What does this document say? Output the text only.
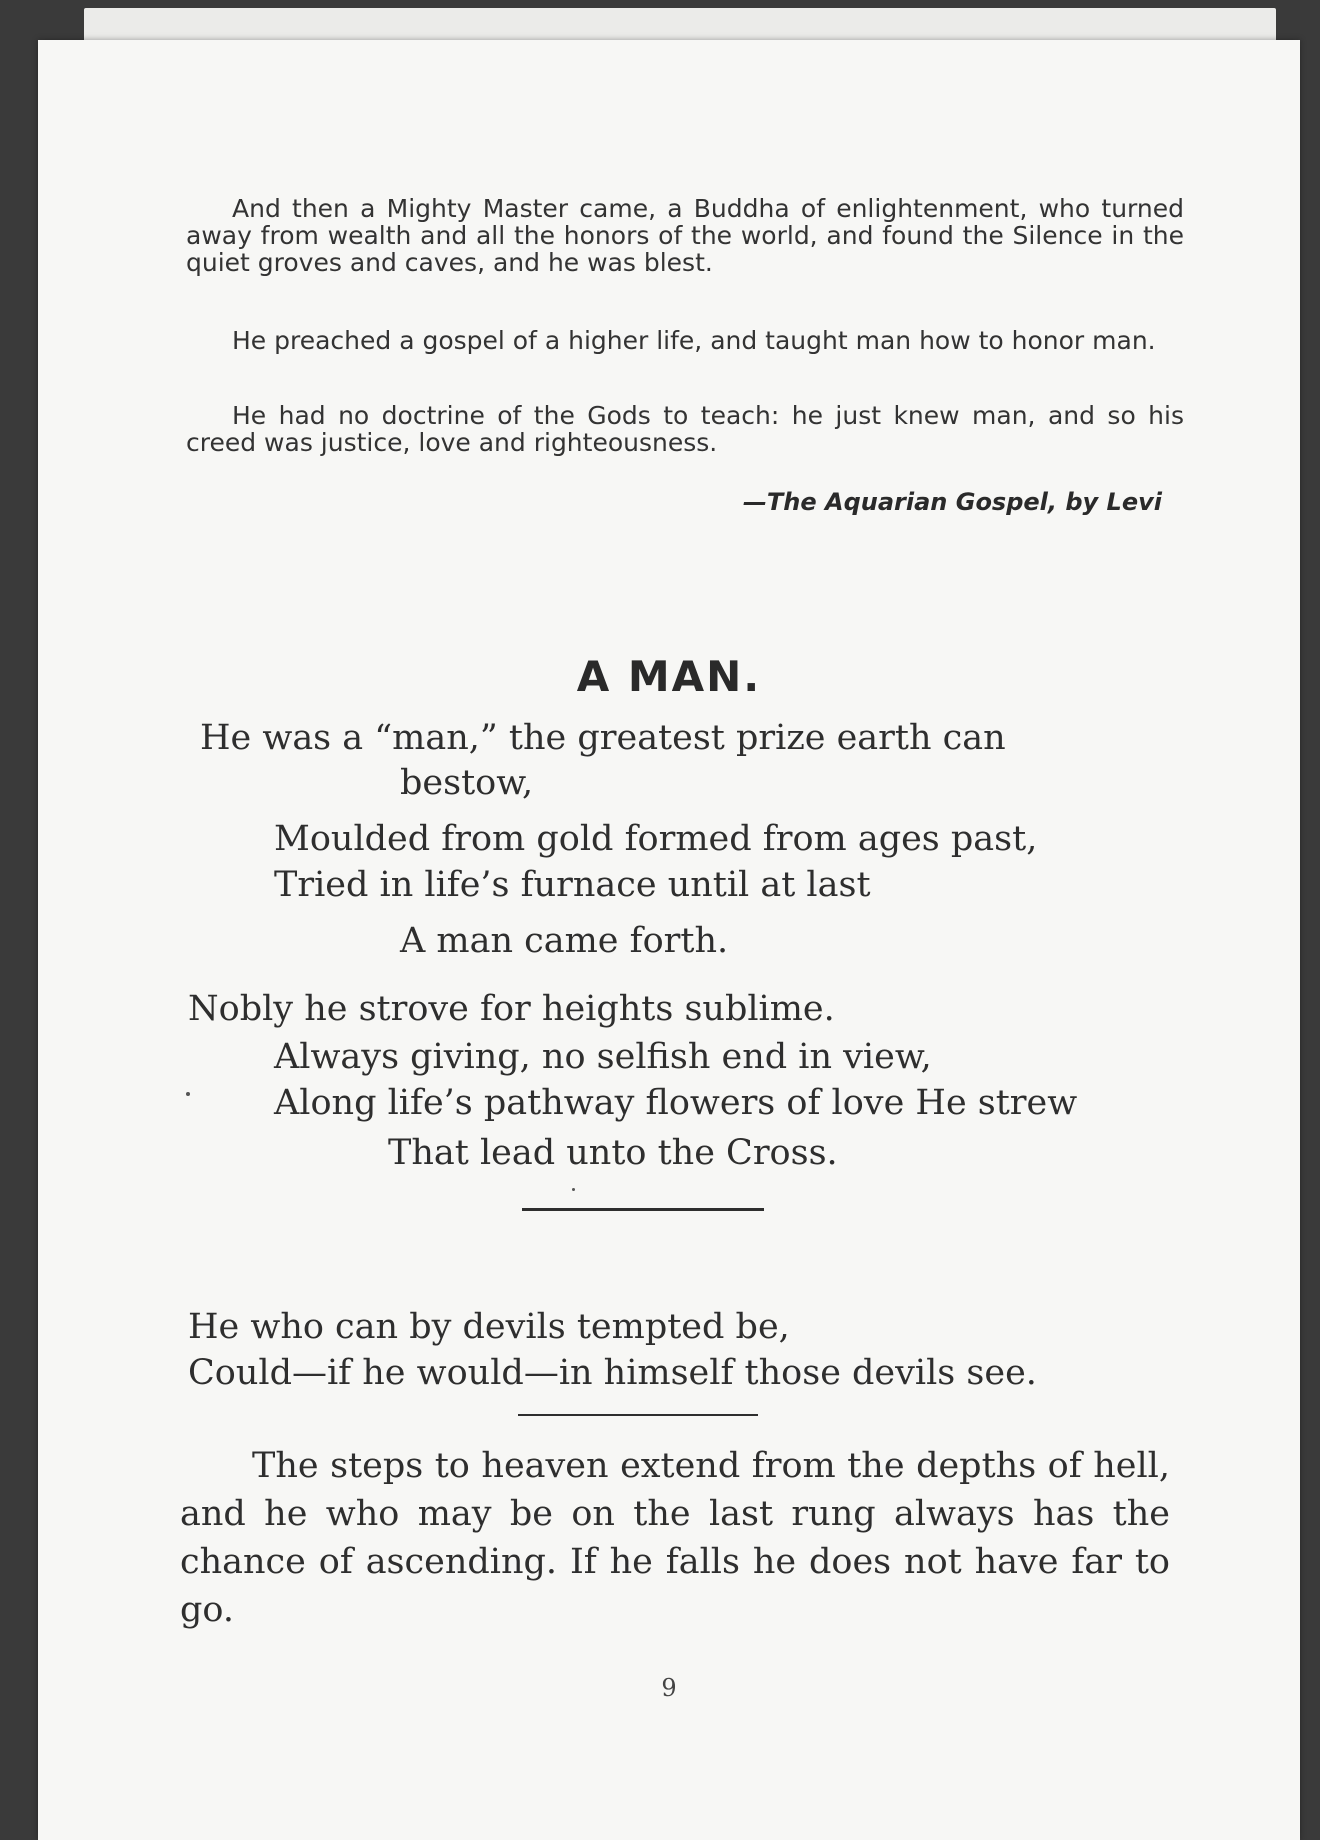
And then a Mighty Master came, a Buddha of enlightenment, who turned away from wealth and all the honors of the world, and found the Silence in the quiet groves and caves, and he was blest.

He preached a gospel of a higher life, and taught man how to honor man.

He had no doctrine of the Gods to teach: he just knew man, and so his creed was justice, love and righteousness.

—The Aquarian Gospel, by Levi
A MAN.
He was a “man,” the greatest prize earth can
bestow,
Moulded from gold formed from ages past,
Tried in life’s furnace until at last
A man came forth.
Nobly he strove for heights sublime.
Always giving, no selfish end in view,
Along life’s pathway flowers of love He strew
That lead unto the Cross.
He who can by devils tempted be,
Could—if he would—in himself those devils see.

The steps to heaven extend from the depths of hell, and he who may be on the last rung always has the chance of ascending. If he falls he does not have far to go.

9
